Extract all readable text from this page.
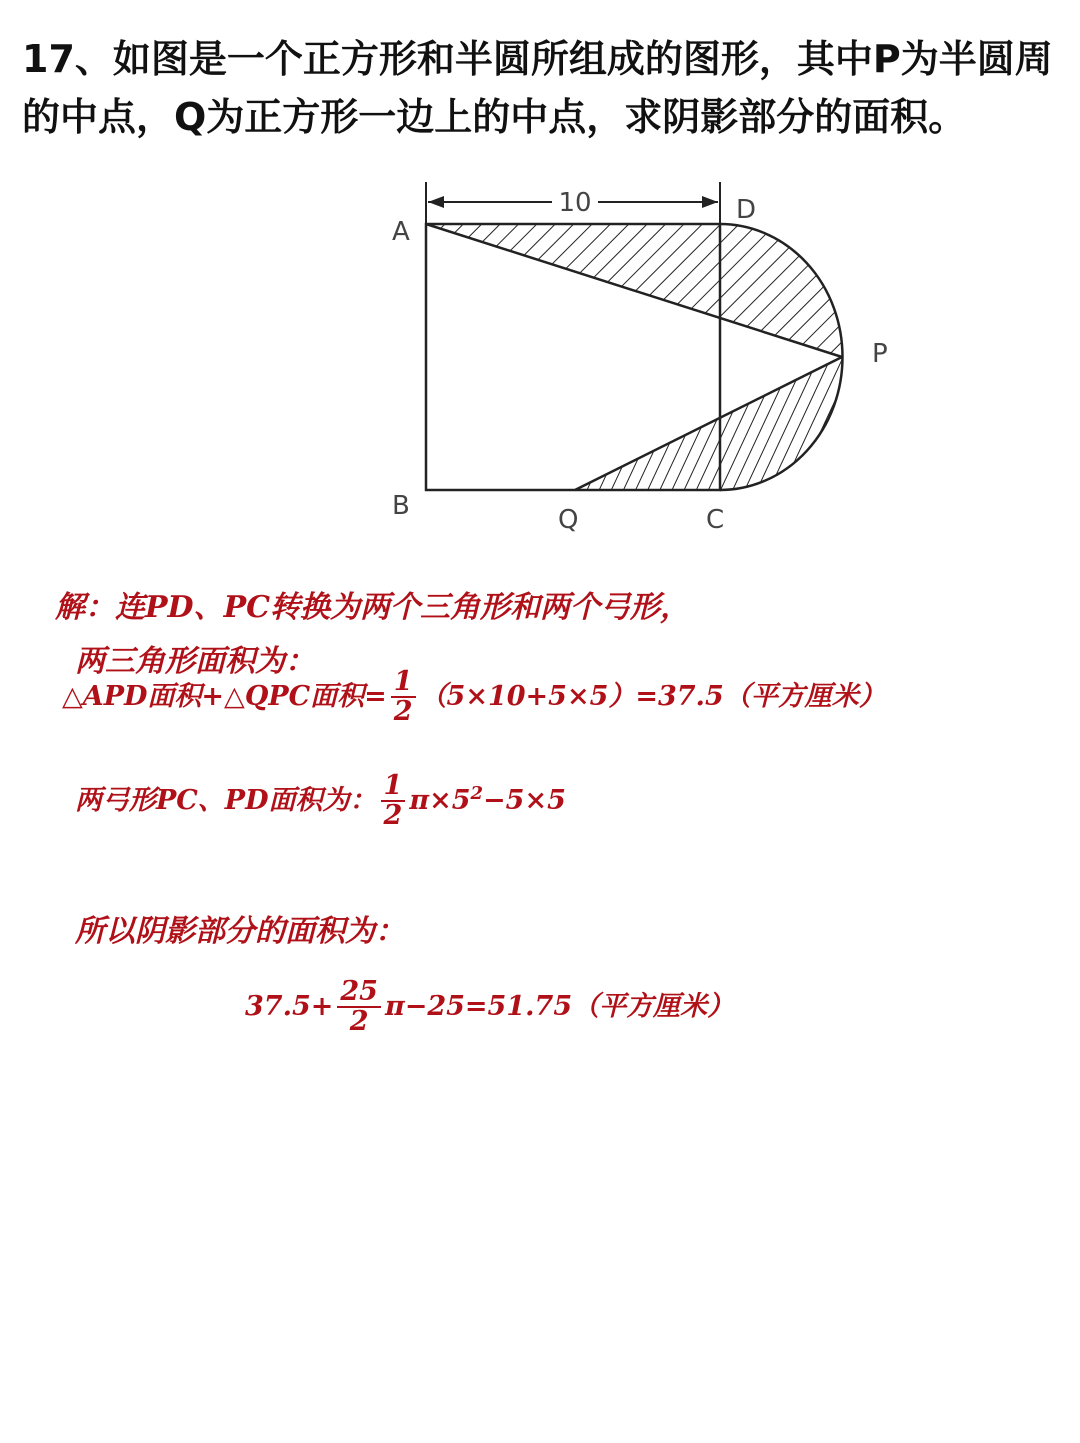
17、如图是一个正方形和半圆所组成的图形，其中P为半圆周的中点，Q为正方形一边上的中点，求阴影部分的面积。

10
A
D
P
B	Q	C

解：连PD、PC转换为两个三角形和两个弓形，

两三角形面积为：

△APD面积+△QPC面积= $\frac{1}{2} (5\times 10+5\times 5)=37.5$（平方厘米）
两弓形PC、PD面积为： $\frac{1}{2} \pi\times 5^2-5\times 5$

所以阴影部分的面积为：

$37.5+ \frac{25}{2} \pi-25=51.75$（平方厘米）
